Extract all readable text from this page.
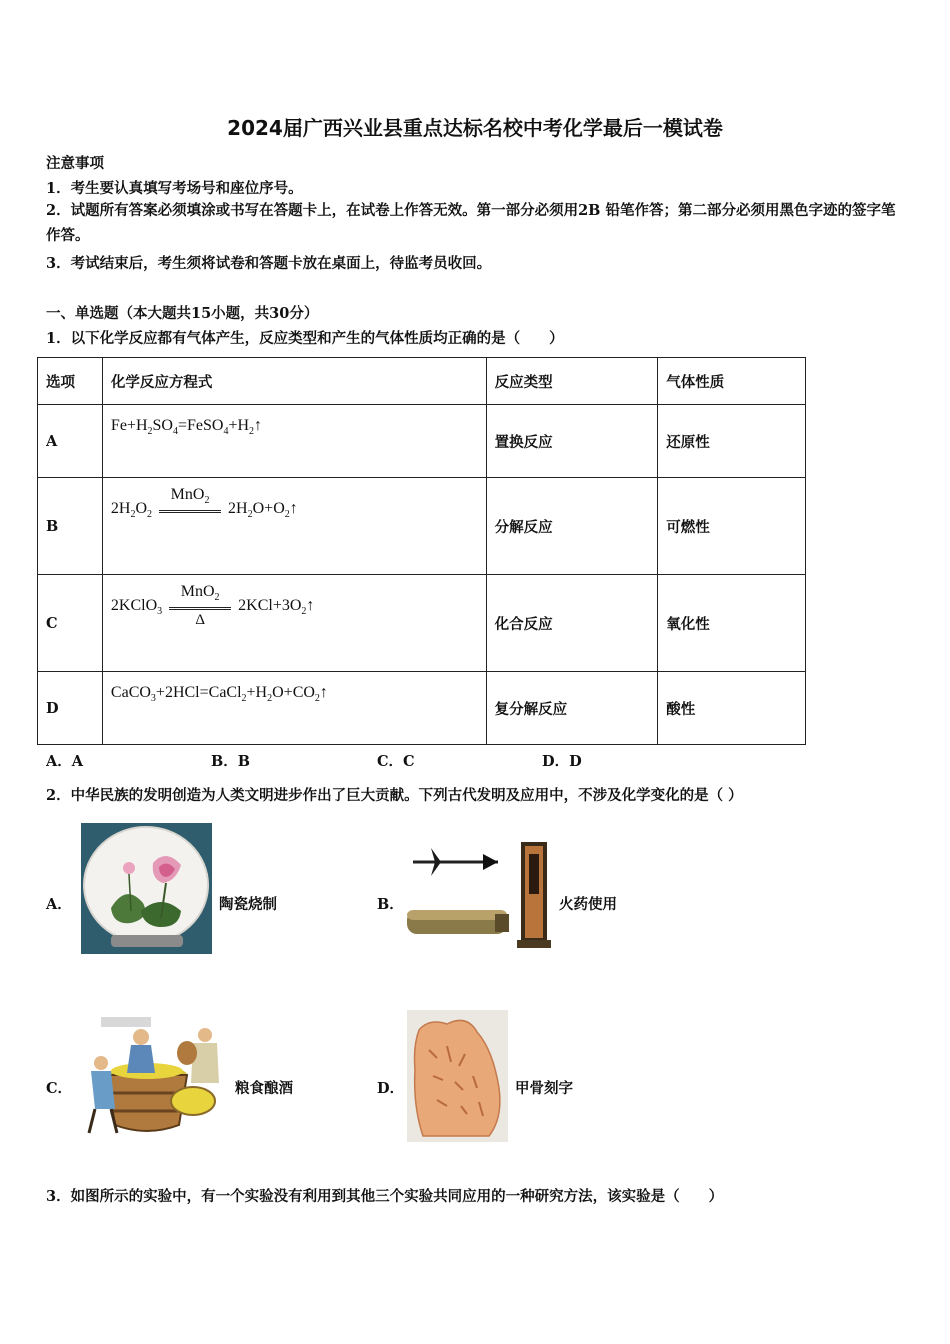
2024届广西兴业县重点达标名校中考化学最后一模试卷
注意事项
1．考生要认真填写考场号和座位序号。
2．试题所有答案必须填涂或书写在答题卡上，在试卷上作答无效。第一部分必须用2B 铅笔作答；第二部分必须用黑色字迹的签字笔作答。
3．考试结束后，考生须将试卷和答题卡放在桌面上，待监考员收回。
一、单选题（本大题共15小题，共30分）
1．以下化学反应都有气体产生，反应类型和产生的气体性质均正确的是（　　）
选项	化学反应方程式	反应类型	气体性质
A	$Fe+H_2SO_4=FeSO_4+H_2↑$	置换反应	还原性
B	$2H_2O_2$
MnO$_2$ $2H_2O+O_2↑$	分解反应	可燃性
C	2KClO$_3$ $\frac{MnO_2}{\Delta}$ $2KCl+3O_2↑$	化合反应	氧化性
D	$CaCO_3+2HCl=CaCl_2+H_2O+CO_2↑$	复分解反应	酸性
A．A	B．B	C．C	D．D
2．中华民族的发明创造为人类文明进步作出了巨大贡献。下列古代发明及应用中，不涉及化学变化的是（ ）
A．	陶瓷烧制	B．	火药使用
C．	粮食酿酒	D．	甲骨刻字
3．如图所示的实验中，有一个实验没有利用到其他三个实验共同应用的一种研究方法，该实验是（　　）
